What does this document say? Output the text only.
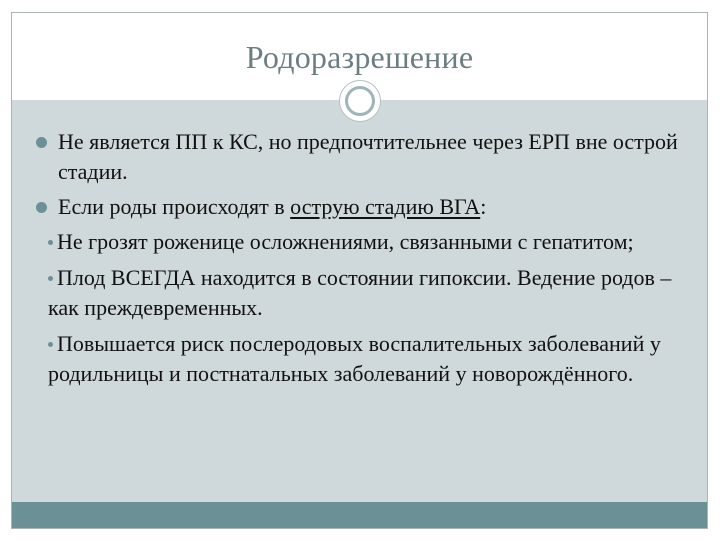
Родоразрешение
Не является ПП к КС, но предпочтительнее через ЕРП вне острой стадии.
Если роды происходят в острую стадию ВГА:
Не грозят роженице осложнениями, связанными с гепатитом;
Плод ВСЕГДА находится в состоянии гипоксии. Ведение родов – как преждевременных.
Повышается риск послеродовых воспалительных заболеваний у родильницы и постнатальных заболеваний у новорождённого.
